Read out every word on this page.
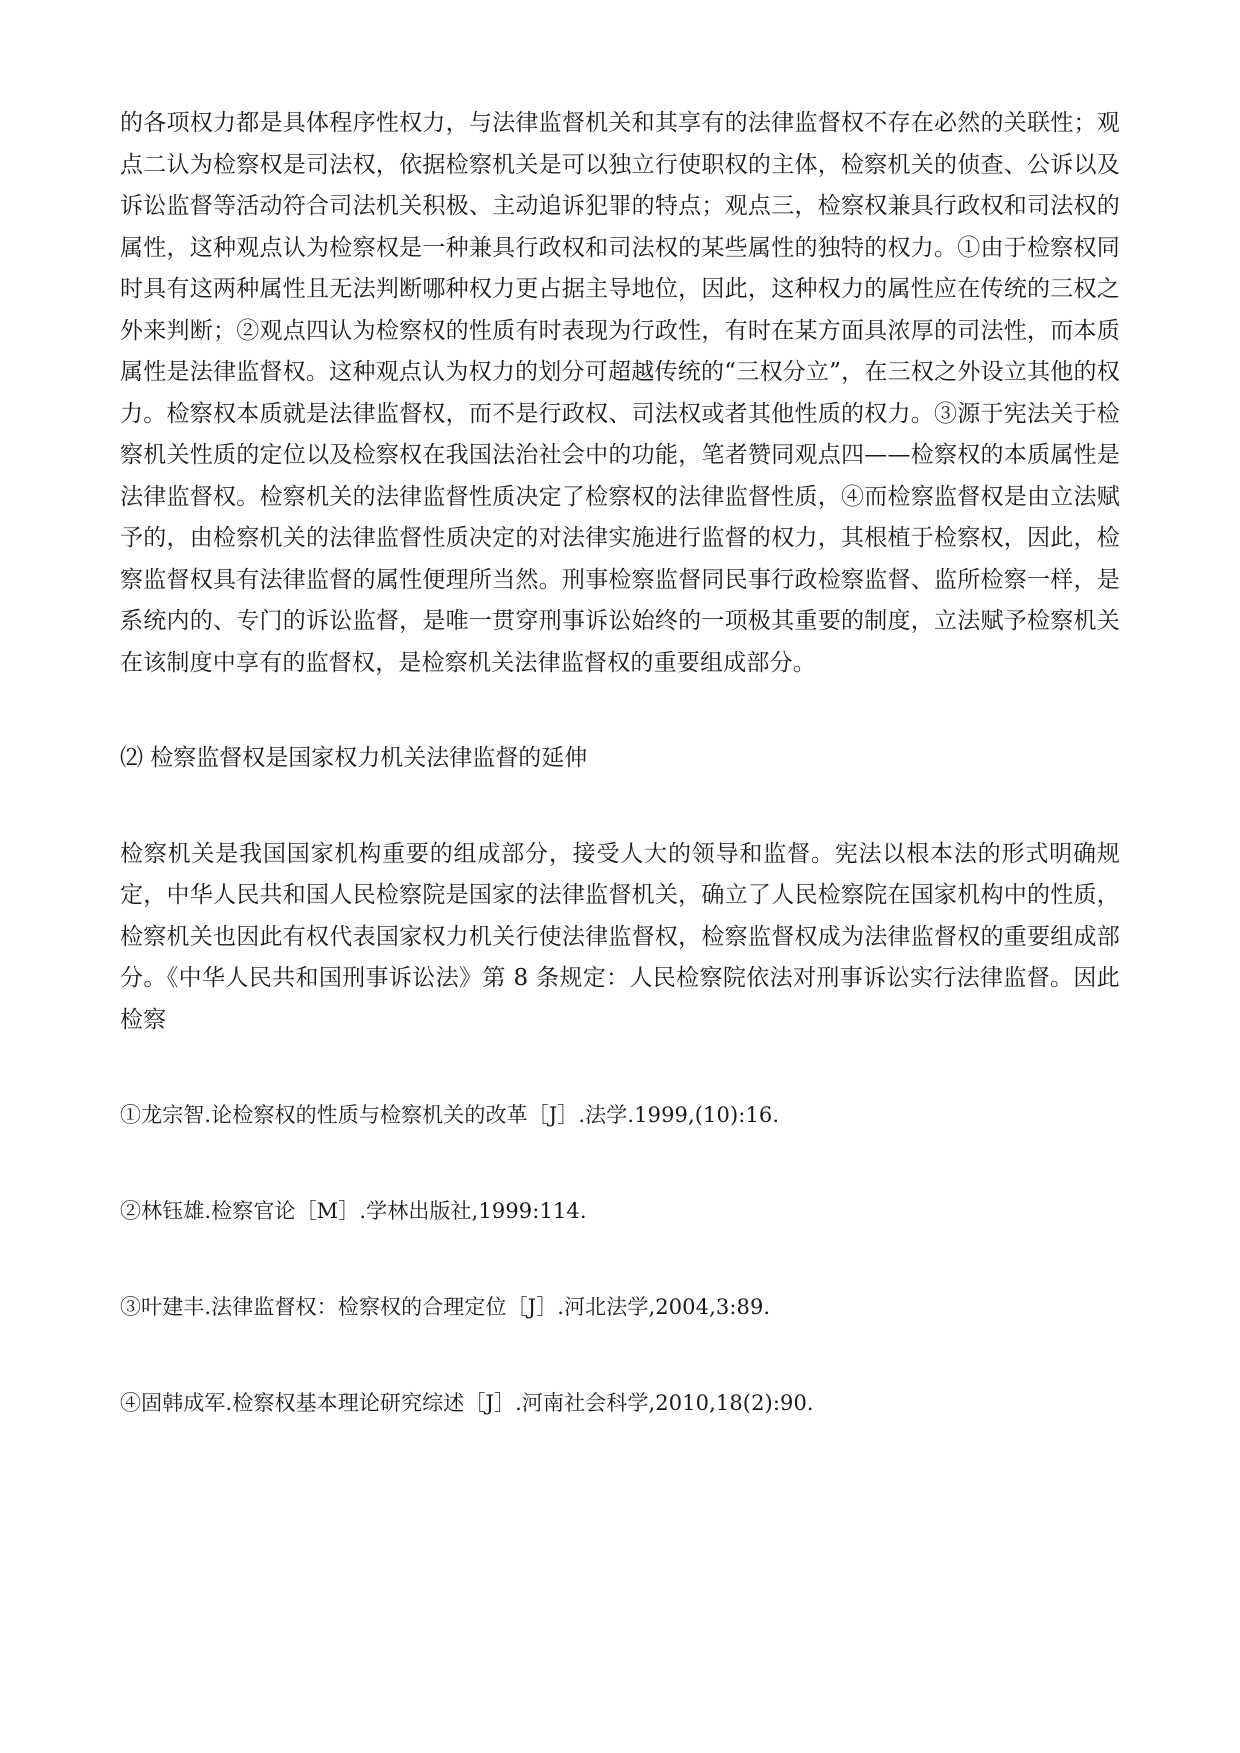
的各项权力都是具体程序性权力，与法律监督机关和其享有的法律监督权不存在必然的关联性；观点二认为检察权是司法权，依据检察机关是可以独立行使职权的主体，检察机关的侦查、公诉以及诉讼监督等活动符合司法机关积极、主动追诉犯罪的特点；观点三，检察权兼具行政权和司法权的属性，这种观点认为检察权是一种兼具行政权和司法权的某些属性的独特的权力。①由于检察权同时具有这两种属性且无法判断哪种权力更占据主导地位，因此，这种权力的属性应在传统的三权之外来判断；②观点四认为检察权的性质有时表现为行政性，有时在某方面具浓厚的司法性，而本质属性是法律监督权。这种观点认为权力的划分可超越传统的“三权分立”，在三权之外设立其他的权力。检察权本质就是法律监督权，而不是行政权、司法权或者其他性质的权力。③源于宪法关于检察机关性质的定位以及检察权在我国法治社会中的功能，笔者赞同观点四——检察权的本质属性是法律监督权。检察机关的法律监督性质决定了检察权的法律监督性质，④而检察监督权是由立法赋予的，由检察机关的法律监督性质决定的对法律实施进行监督的权力，其根植于检察权，因此，检察监督权具有法律监督的属性便理所当然。刑事检察监督同民事行政检察监督、监所检察一样，是系统内的、专门的诉讼监督，是唯一贯穿刑事诉讼始终的一项极其重要的制度，立法赋予检察机关在该制度中享有的监督权，是检察机关法律监督权的重要组成部分。

⑵ 检察监督权是国家权力机关法律监督的延伸

检察机关是我国国家机构重要的组成部分，接受人大的领导和监督。宪法以根本法的形式明确规定，中华人民共和国人民检察院是国家的法律监督机关，确立了人民检察院在国家机构中的性质，检察机关也因此有权代表国家权力机关行使法律监督权，检察监督权成为法律监督权的重要组成部分。《中华人民共和国刑事诉讼法》第 8 条规定：人民检察院依法对刑事诉讼实行法律监督。因此检察

①龙宗智.论检察权的性质与检察机关的改革［J］.法学.1999,(10):16.

②林钰雄.检察官论［M］.学林出版社,1999:114.

③叶建丰.法律监督权：检察权的合理定位［J］.河北法学,2004,3:89.

④固韩成军.检察权基本理论研究综述［J］.河南社会科学,2010,18(2):90.
